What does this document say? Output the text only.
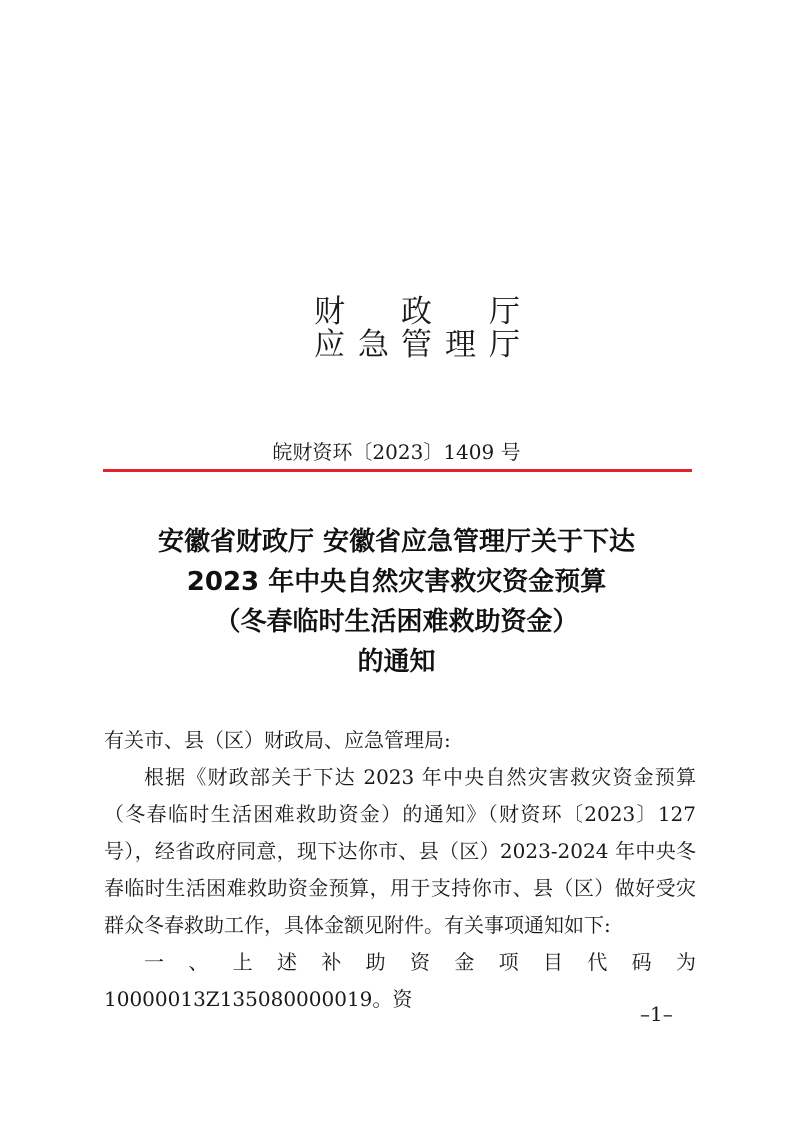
财 政 厅
应 急 管 理 厅
皖财资环〔2023〕1409 号
安徽省财政厅 安徽省应急管理厅关于下达
2023 年中央自然灾害救灾资金预算
（冬春临时生活困难救助资金）
的通知

有关市、县（区）财政局、应急管理局:

根据《财政部关于下达 2023 年中央自然灾害救灾资金预算（冬春临时生活困难救助资金）的通知》（财资环〔2023〕127 号），经省政府同意，现下达你市、县（区）2023-2024 年中央冬春临时生活困难救助资金预算，用于支持你市、县（区）做好受灾群众冬春救助工作，具体金额见附件。有关事项通知如下:

一、上述补助资金项目代码为 10000013Z135080000019。资

–1–
